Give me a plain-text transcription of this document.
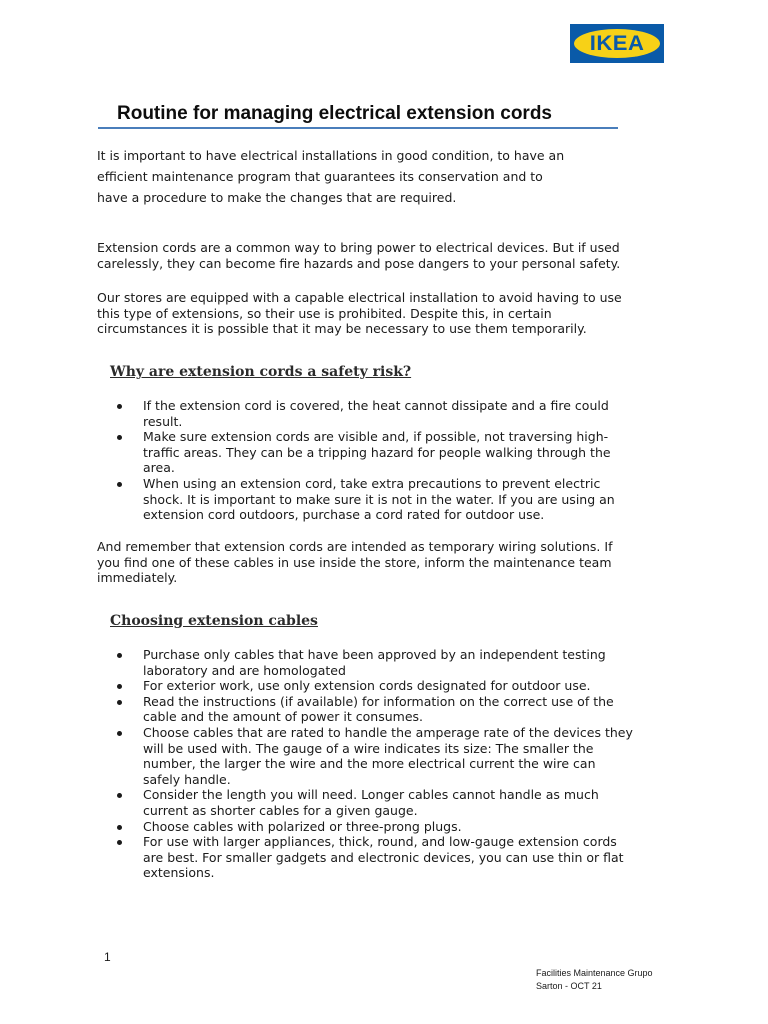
IKEA
Routine for managing electrical extension cords

It is important to have electrical installations in good condition, to have an
efficient maintenance program that guarantees its conservation and to
have a procedure to make the changes that are required.

Extension cords are a common way to bring power to electrical devices. But if used
carelessly, they can become fire hazards and pose dangers to your personal safety.

Our stores are equipped with a capable electrical installation to avoid having to use
this type of extensions, so their use is prohibited. Despite this, in certain
circumstances it is possible that it may be necessary to use them temporarily.

Why are extension cords a safety risk?
If the extension cord is covered, the heat cannot dissipate and a fire could
result.
Make sure extension cords are visible and, if possible, not traversing high-
traffic areas. They can be a tripping hazard for people walking through the
area.
When using an extension cord, take extra precautions to prevent electric
shock. It is important to make sure it is not in the water. If you are using an
extension cord outdoors, purchase a cord rated for outdoor use.

And remember that extension cords are intended as temporary wiring solutions. If
you find one of these cables in use inside the store, inform the maintenance team
immediately.

Choosing extension cables
Purchase only cables that have been approved by an independent testing
laboratory and are homologated
For exterior work, use only extension cords designated for outdoor use.
Read the instructions (if available) for information on the correct use of the
cable and the amount of power it consumes.
Choose cables that are rated to handle the amperage rate of the devices they
will be used with. The gauge of a wire indicates its size: The smaller the
number, the larger the wire and the more electrical current the wire can
safely handle.
Consider the length you will need. Longer cables cannot handle as much
current as shorter cables for a given gauge.
Choose cables with polarized or three-prong plugs.
For use with larger appliances, thick, round, and low-gauge extension cords
are best. For smaller gadgets and electronic devices, you can use thin or flat
extensions.

1

Facilities Maintenance Grupo
Sarton - OCT 21
